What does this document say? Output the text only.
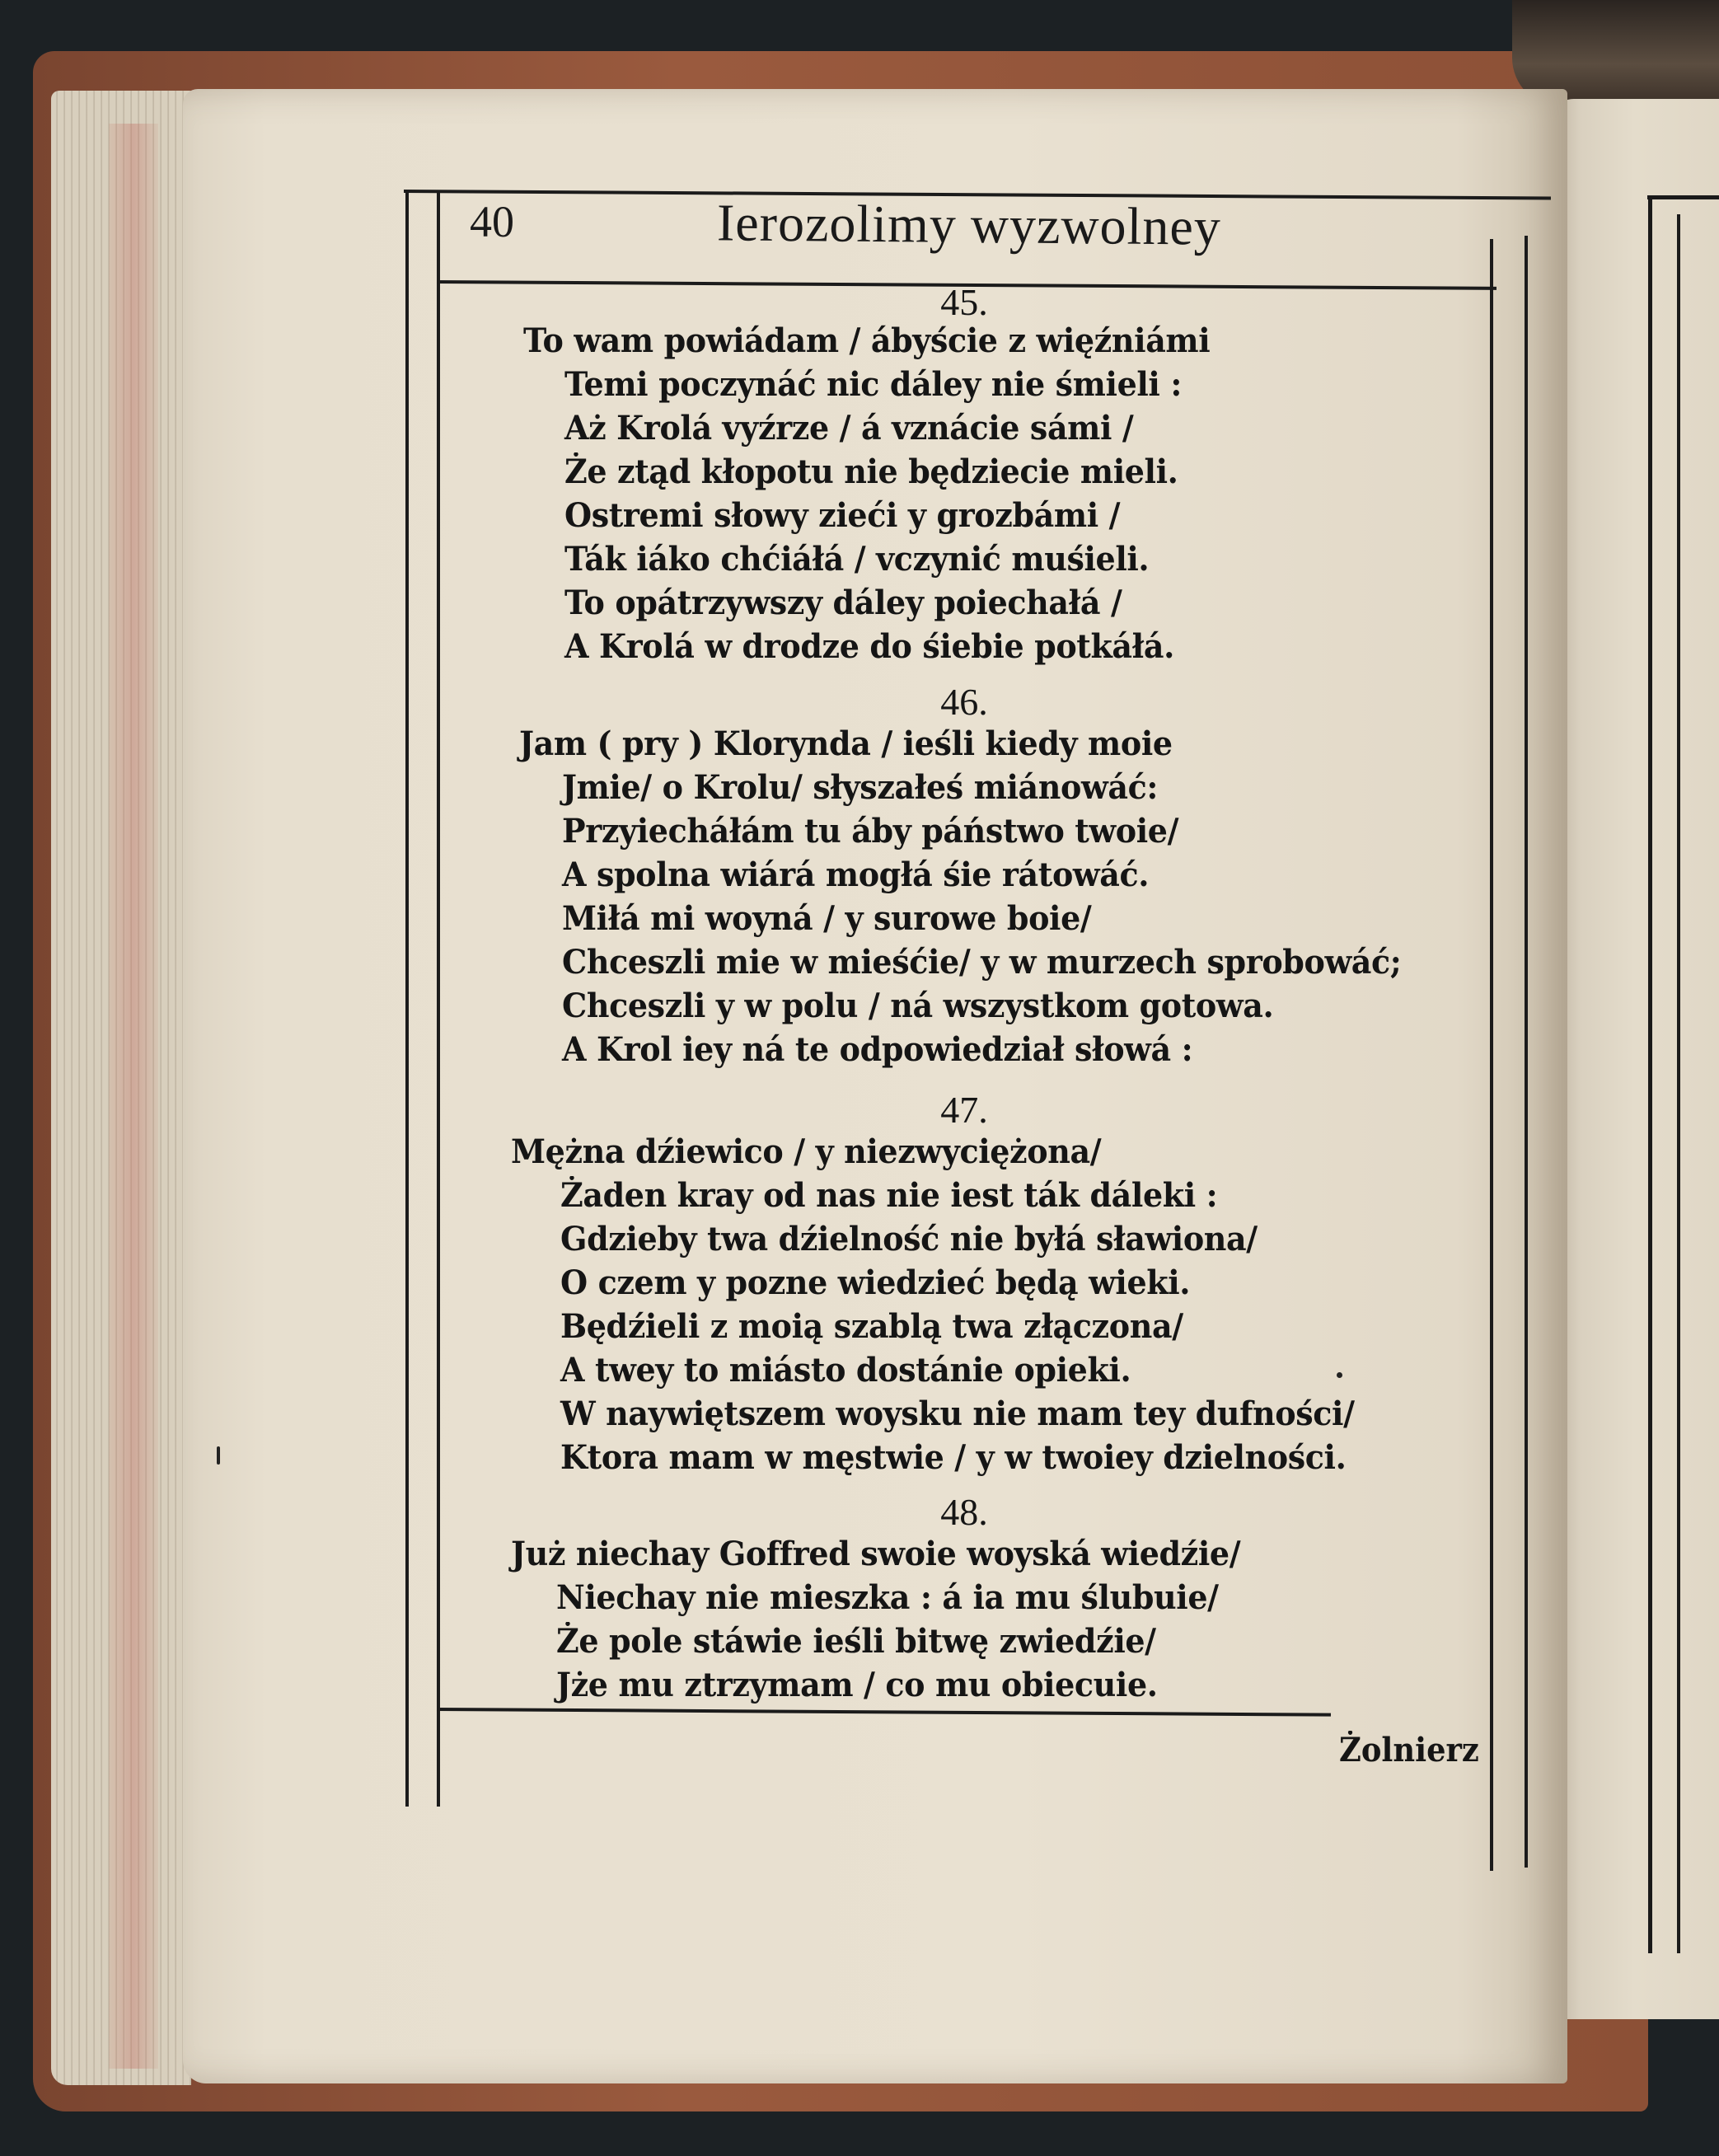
40	Ierozolimy wyzwolney
45.
To wam powiádam / ábyście z więźniámi
Temi poczynáć nic dáley nie śmieli :
Aż Krolá vyźrze / á vznácie sámi /
Że ztąd kłopotu nie będziecie mieli.
Ostremi słowy zieći y grozbámi /
Ták iáko chćiáłá / vczynić muśieli.
To opátrzywszy dáley poiechałá /
A Krolá w drodze do śiebie potkáłá.
46.
Jam ( pry ) Klorynda / ieśli kiedy moie
Jmie/ o Krolu/ słyszałeś miánowáć:
Przyiecháłám tu áby páństwo twoie/
A spolna wiárá mogłá śie rátowáć.
Miłá mi woyná / y surowe boie/
Chceszli mie w mieśćie/ y w murzech sprobowáć;
Chceszli y w polu / ná wszystkom gotowa.
A Krol iey ná te odpowiedział słowá :
47.
Mężna dźiewico / y niezwyciężona/
Żaden kray od nas nie iest ták dáleki :
Gdzieby twa dźielność nie byłá sławiona/
O czem y pozne wiedzieć będą wieki.
Będźieli z moią szablą twa złączona/
A twey to miásto dostánie opieki.
W naywiętszem woysku nie mam tey dufności/
Ktora mam w męstwie / y w twoiey dzielności.
48.
Już niechay Goffred swoie woyská wiedźie/
Niechay nie mieszka : á ia mu ślubuie/
Że pole stáwie ieśli bitwę zwiedźie/
Jże mu ztrzymam / co mu obiecuie.
Żolnierz
